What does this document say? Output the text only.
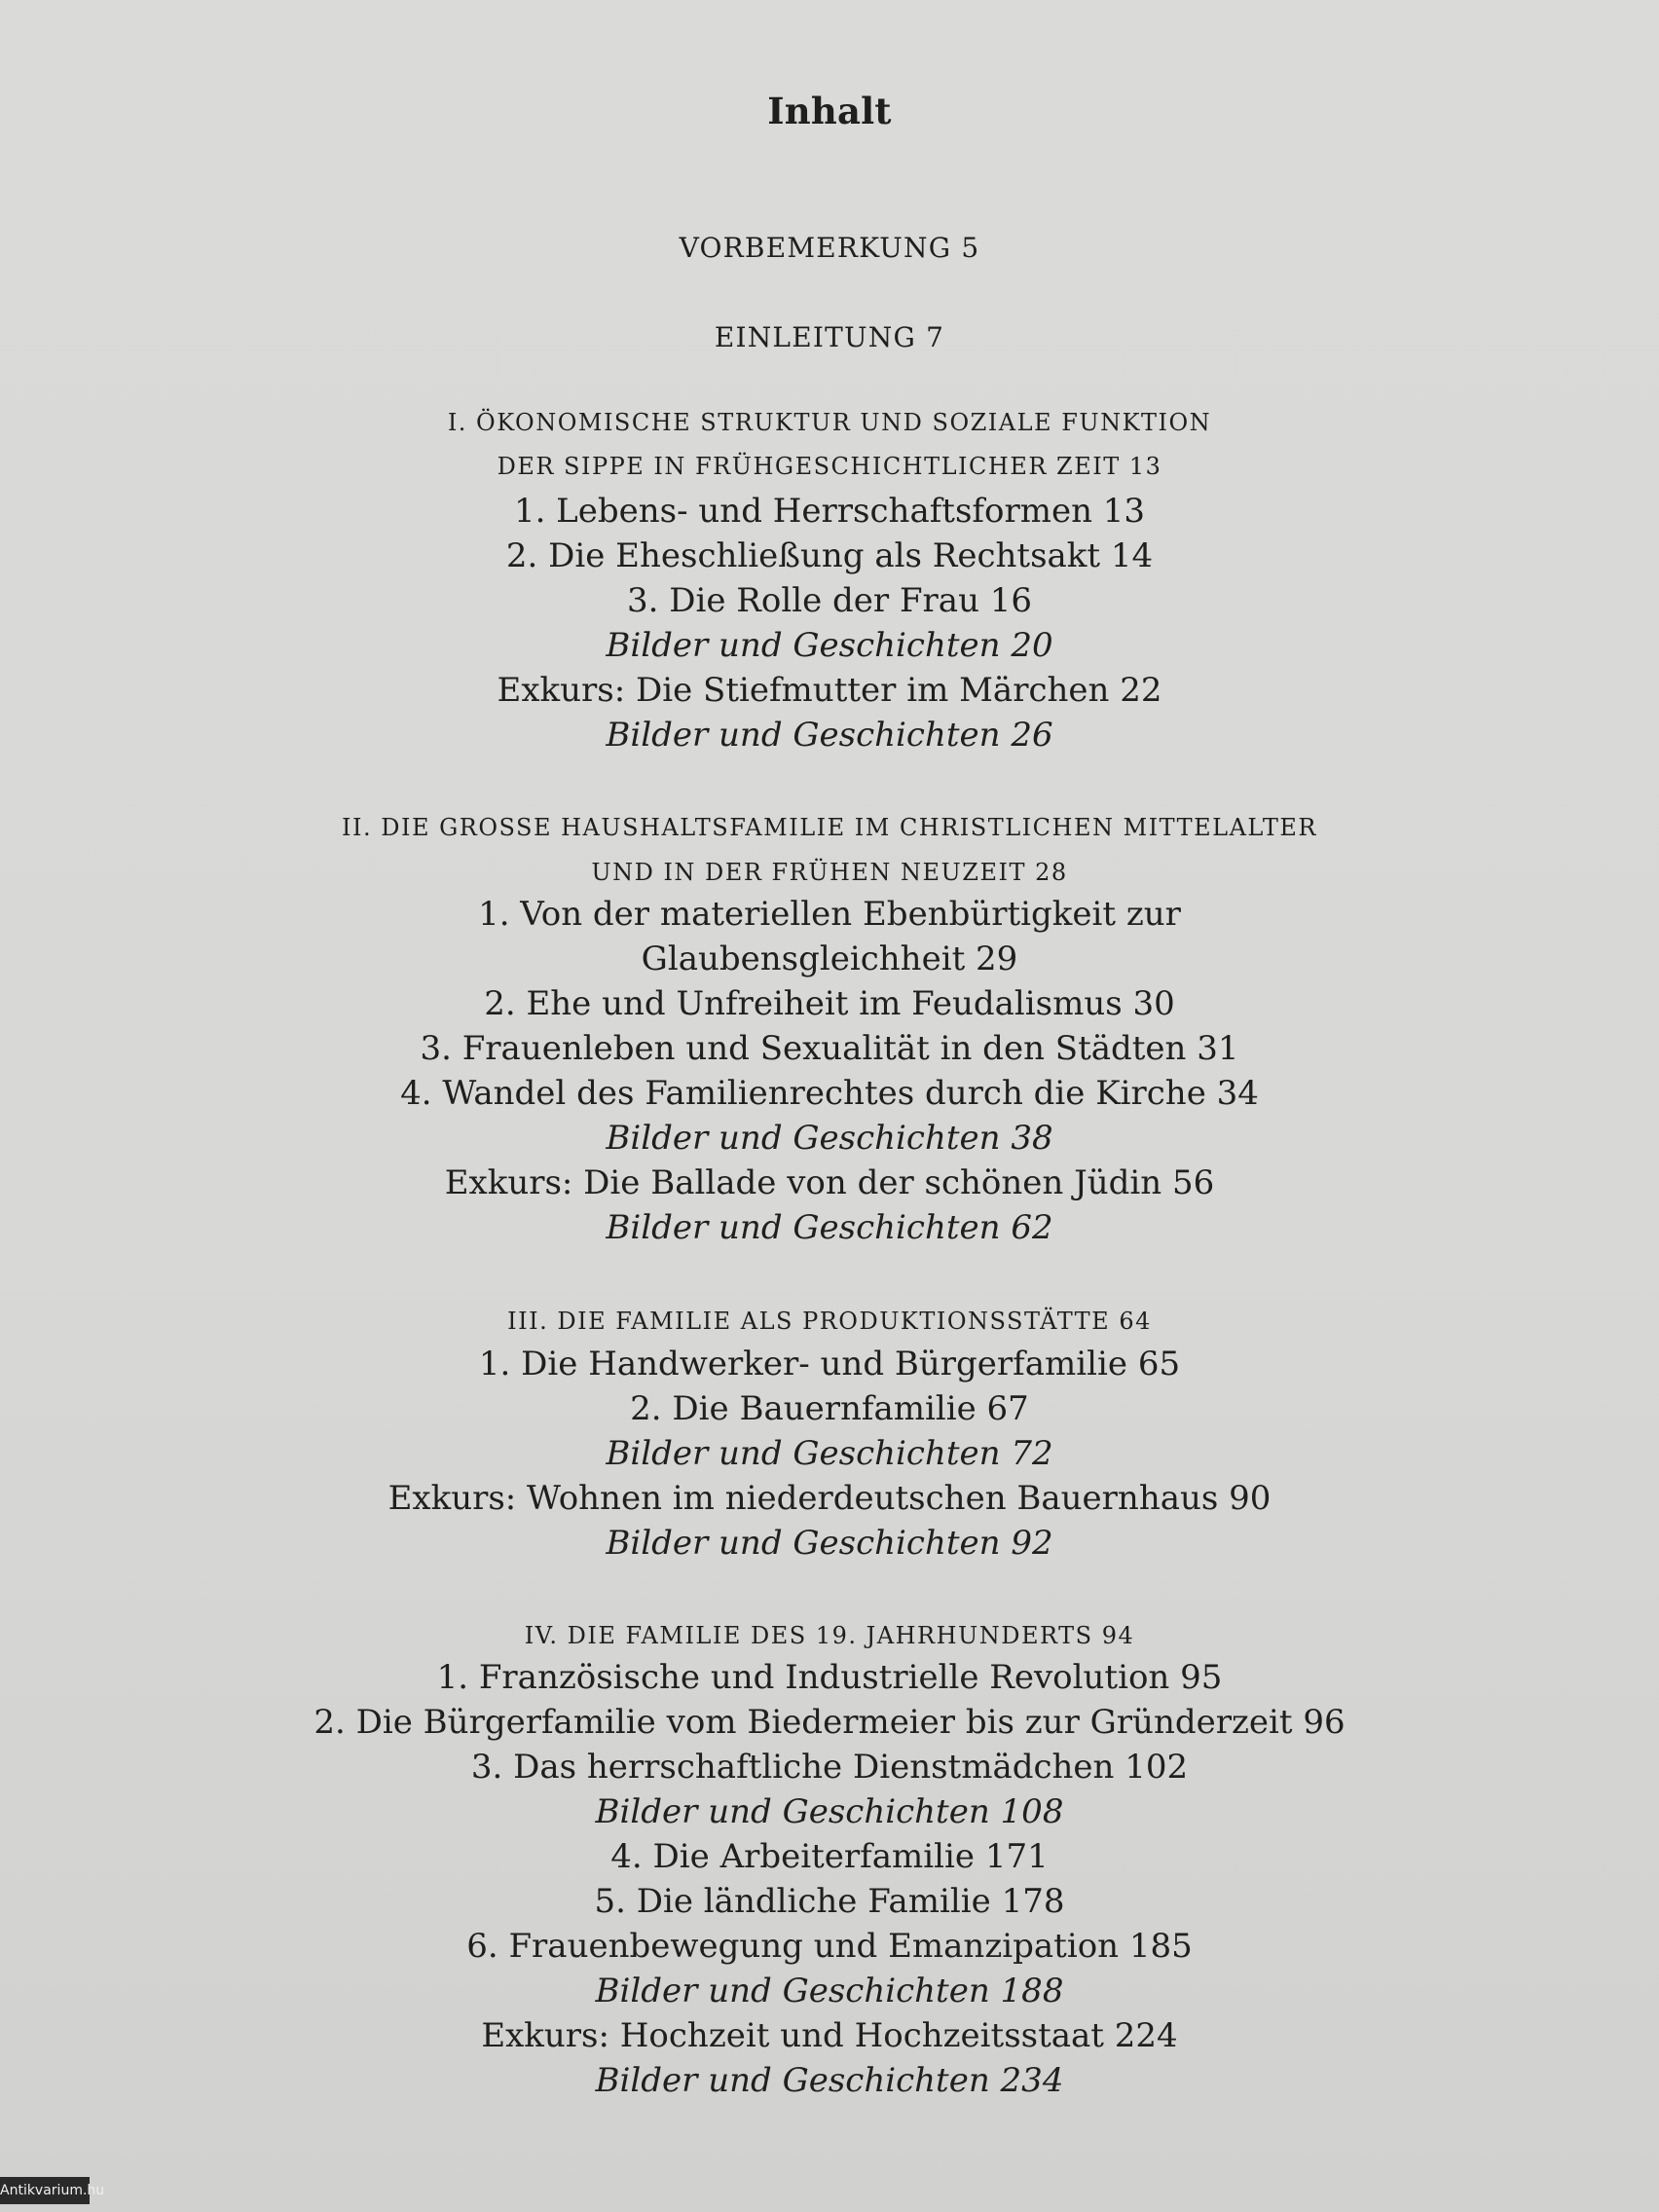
Inhalt
VORBEMERKUNG 5
EINLEITUNG 7
I. ÖKONOMISCHE STRUKTUR UND SOZIALE FUNKTION
DER SIPPE IN FRÜHGESCHICHTLICHER ZEIT 13
1. Lebens- und Herrschaftsformen 13
2. Die Eheschließung als Rechtsakt 14
3. Die Rolle der Frau 16
Bilder und Geschichten 20
Exkurs: Die Stiefmutter im Märchen 22
Bilder und Geschichten 26
II. DIE GROSSE HAUSHALTSFAMILIE IM CHRISTLICHEN MITTELALTER
UND IN DER FRÜHEN NEUZEIT 28
1. Von der materiellen Ebenbürtigkeit zur
Glaubensgleichheit 29
2. Ehe und Unfreiheit im Feudalismus 30
3. Frauenleben und Sexualität in den Städten 31
4. Wandel des Familienrechtes durch die Kirche 34
Bilder und Geschichten 38
Exkurs: Die Ballade von der schönen Jüdin 56
Bilder und Geschichten 62
III. DIE FAMILIE ALS PRODUKTIONSSTÄTTE 64
1. Die Handwerker- und Bürgerfamilie 65
2. Die Bauernfamilie 67
Bilder und Geschichten 72
Exkurs: Wohnen im niederdeutschen Bauernhaus 90
Bilder und Geschichten 92
IV. DIE FAMILIE DES 19. JAHRHUNDERTS 94
1. Französische und Industrielle Revolution 95
2. Die Bürgerfamilie vom Biedermeier bis zur Gründerzeit 96
3. Das herrschaftliche Dienstmädchen 102
Bilder und Geschichten 108
4. Die Arbeiterfamilie 171
5. Die ländliche Familie 178
6. Frauenbewegung und Emanzipation 185
Bilder und Geschichten 188
Exkurs: Hochzeit und Hochzeitsstaat 224
Bilder und Geschichten 234
Antikvarium.hu
